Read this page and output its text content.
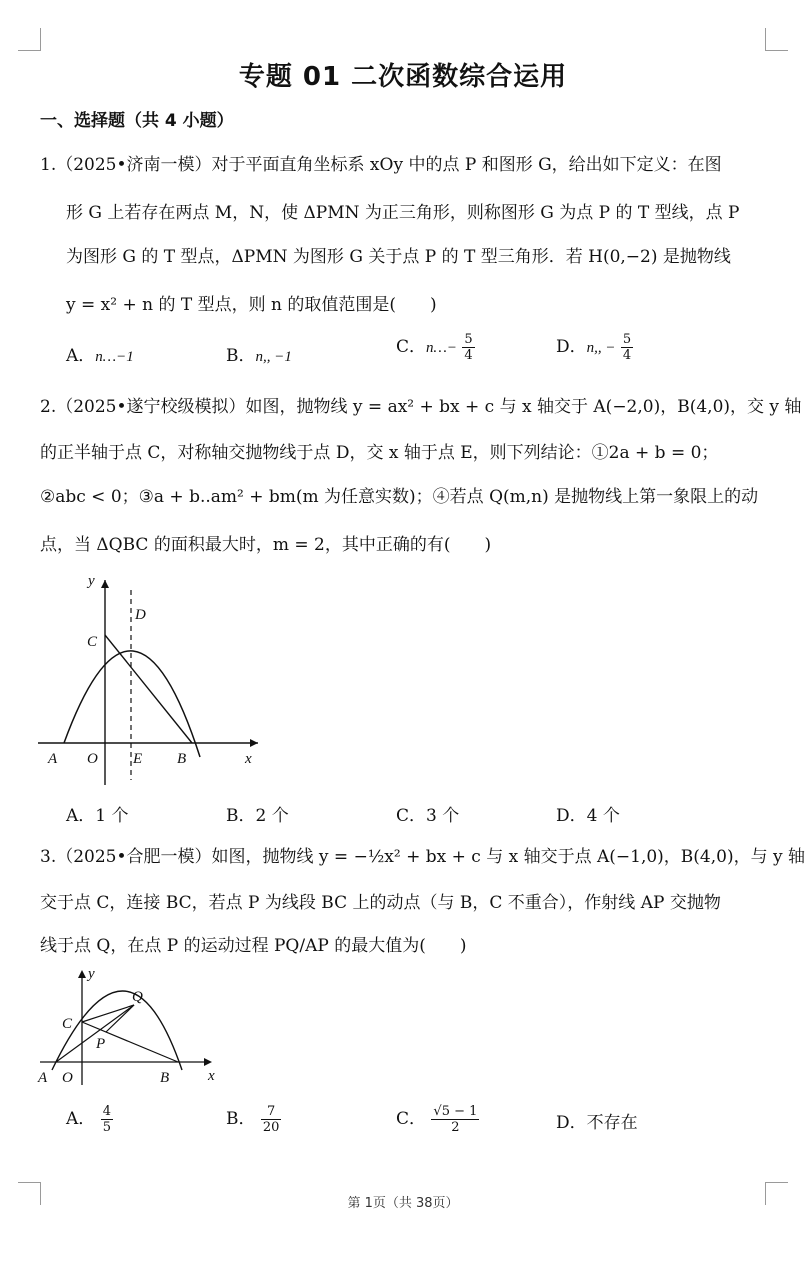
专题 01 二次函数综合运用
一、选择题（共 4 小题）
1.（2025•济南一模）对于平面直角坐标系 xOy 中的点 P 和图形 G，给出如下定义：在图
形 G 上若存在两点 M，N，使 ΔPMN 为正三角形，则称图形 G 为点 P 的 T 型线，点 P
为图形 G 的 T 型点，ΔPMN 为图形 G 关于点 P 的 T 型三角形．若 H(0,−2) 是抛物线
y = x² + n 的 T 型点，则 n 的取值范围是(　　)
A．n…−1	B．n,, −1	C．n…− $\frac{5}{4}$	D．n,, − $\frac{5}{4}$
2.（2025•遂宁校级模拟）如图，抛物线 y = ax² + bx + c 与 x 轴交于 A(−2,0)，B(4,0)，交 y 轴
的正半轴于点 C，对称轴交抛物线于点 D，交 x 轴于点 E，则下列结论：①2a + b = 0；
②abc < 0；③a + b..am² + bm(m 为任意实数)；④若点 Q(m,n) 是抛物线上第一象限上的动
点，当 ΔQBC 的面积最大时，m = 2，其中正确的有(　　)
y
x
A O E B
C
D
A．1 个	B．2 个	C．3 个	D．4 个
3.（2025•合肥一模）如图，抛物线 y = −½x² + bx + c 与 x 轴交于点 A(−1,0)，B(4,0)，与 y 轴
交于点 C，连接 BC，若点 P 为线段 BC 上的动点（与 B，C 不重合），作射线 AP 交抛物
线于点 Q，在点 P 的运动过程 PQ/AP 的最大值为(　　)
y
x
A O	B
C
P
Q
A． $\frac{4}{5}$	B． $\frac{7}{20}$	C． $\frac{√5 - 1}{2}$	D．不存在
第 1页（共 38页）
